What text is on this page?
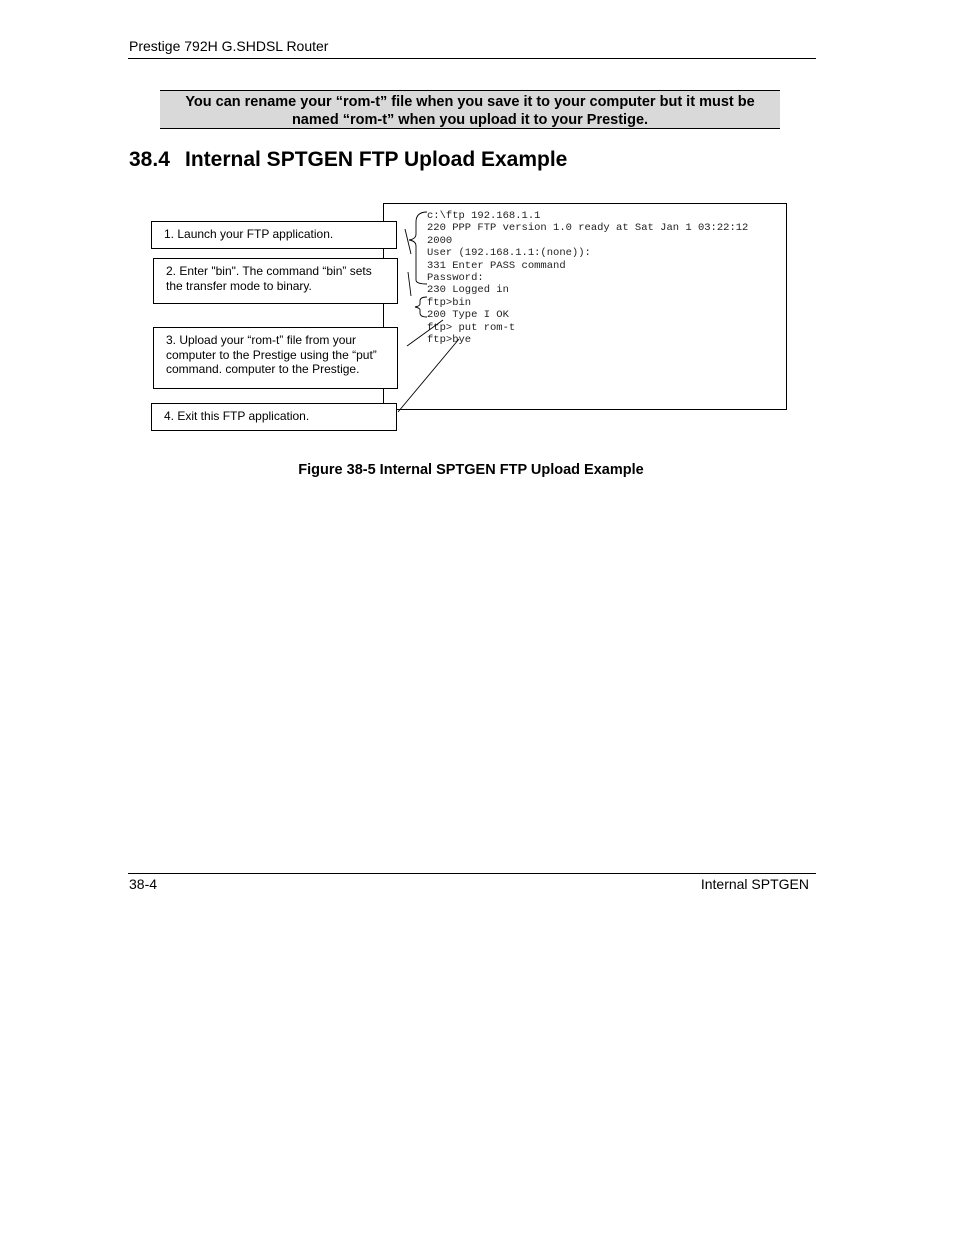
Prestige 792H G.SHDSL Router
You can rename your “rom-t” file when you save it to your computer but it must be named “rom-t” when you upload it to your Prestige.
38.4 Internal SPTGEN FTP Upload Example
c:\ftp 192.168.1.1
220 PPP FTP version 1.0 ready at Sat Jan 1 03:22:12
2000
User (192.168.1.1:(none)):
331 Enter PASS command
Password:
230 Logged in
ftp>bin
200 Type I OK
ftp> put rom-t
ftp>bye
1. Launch your FTP application.
2. Enter "bin". The command “bin” sets the transfer mode to binary.
3. Upload your “rom-t” file from your computer to the Prestige using the “put” command. computer to the Prestige.
4. Exit this FTP application.
Figure 38-5 Internal SPTGEN FTP Upload Example
38-4	Internal SPTGEN
